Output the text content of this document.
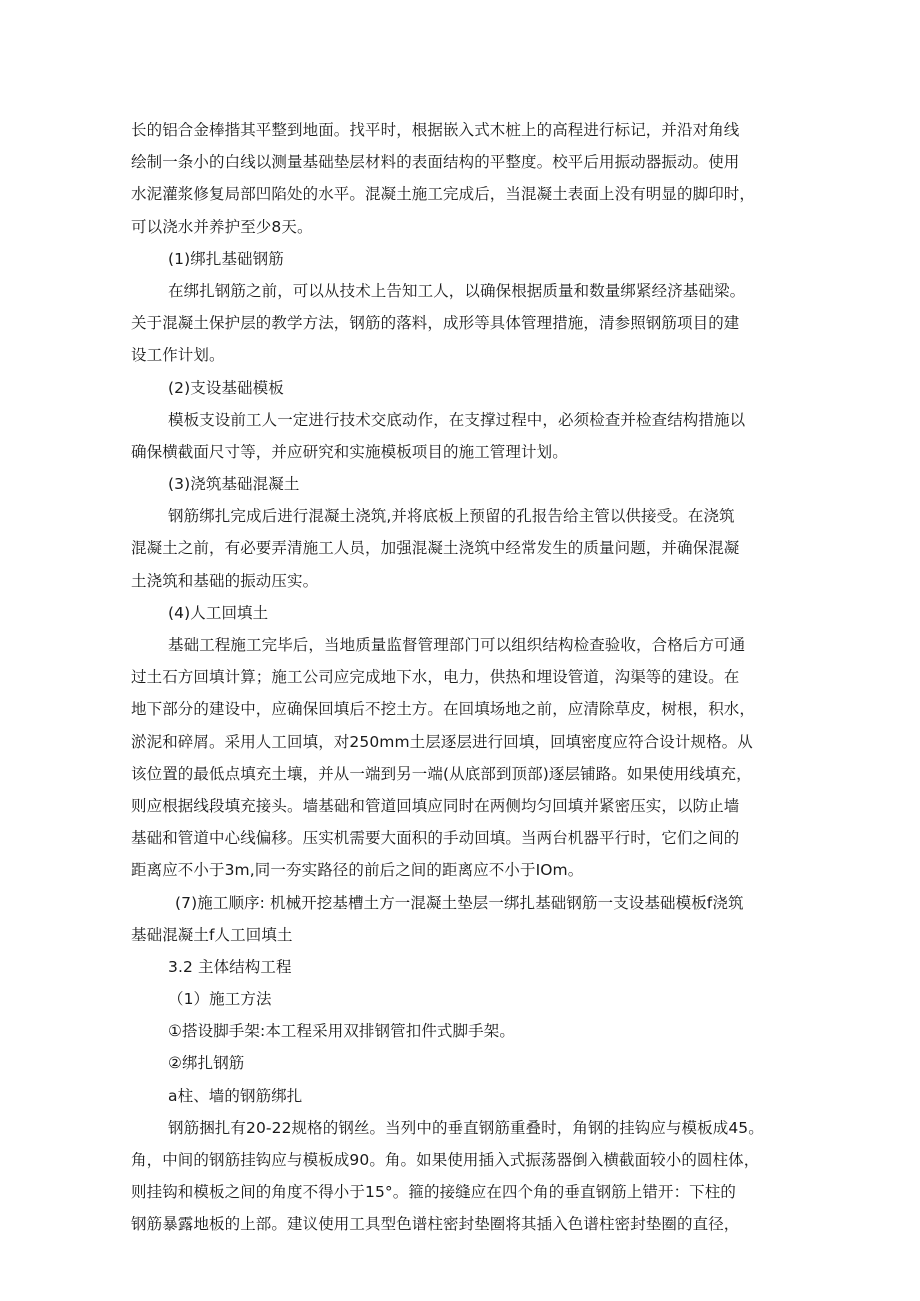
长的铝合金棒揩其平整到地面。找平时，根据嵌入式木桩上的高程进行标记，并沿对角线
绘制一条小的白线以测量基础垫层材料的表面结构的平整度。校平后用振动器振动。使用
水泥灌浆修复局部凹陷处的水平。混凝土施工完成后，当混凝土表面上没有明显的脚印时，
可以浇水并养护至少8天。
(1)绑扎基础钢筋
在绑扎钢筋之前，可以从技术上告知工人，以确保根据质量和数量绑紧经济基础梁。
关于混凝土保护层的教学方法，钢筋的落料，成形等具体管理措施，清参照钢筋项目的建
设工作计划。
(2)支设基础模板
模板支设前工人一定进行技术交底动作，在支撑过程中，必须检查并检查结构措施以
确保横截面尺寸等，并应研究和实施模板项目的施工管理计划。
(3)浇筑基础混凝土
钢筋绑扎完成后进行混凝土浇筑,并将底板上预留的孔报告给主管以供接受。在浇筑
混凝土之前，有必要弄清施工人员，加强混凝土浇筑中经常发生的质量问题，并确保混凝
土浇筑和基础的振动压实。
(4)人工回填土
基础工程施工完毕后，当地质量监督管理部门可以组织结构检查验收，合格后方可通
过土石方回填计算；施工公司应完成地下水，电力，供热和埋设管道，沟渠等的建设。在
地下部分的建设中，应确保回填后不挖土方。在回填场地之前，应清除草皮，树根，积水，
淤泥和碎屑。采用人工回填，对250mm土层逐层进行回填，回填密度应符合设计规格。从
该位置的最低点填充土壤，并从一端到另一端(从底部到顶部)逐层铺路。如果使用线填充，
则应根据线段填充接头。墙基础和管道回填应同时在两侧均匀回填并紧密压实，以防止墙
基础和管道中心线偏移。压实机需要大面积的手动回填。当两台机器平行时，它们之间的
距离应不小于3m,同一夯实路径的前后之间的距离应不小于IOm。
(7)施工顺序: 机械开挖基槽土方一混凝土垫层一绑扎基础钢筋一支设基础模板f浇筑
基础混凝土f人工回填土
3.2 主体结构工程
（1）施工方法
①搭设脚手架:本工程采用双排钢管扣件式脚手架。
②绑扎钢筋
a柱、墙的钢筋绑扎
钢筋捆扎有20-22规格的钢丝。当列中的垂直钢筋重叠时，角钢的挂钩应与模板成45。
角，中间的钢筋挂钩应与模板成90。角。如果使用插入式振荡器倒入横截面较小的圆柱体，
则挂钩和模板之间的角度不得小于15°。箍的接缝应在四个角的垂直钢筋上错开：下柱的
钢筋暴露地板的上部。建议使用工具型色谱柱密封垫圈将其插入色谱柱密封垫圈的直径，
